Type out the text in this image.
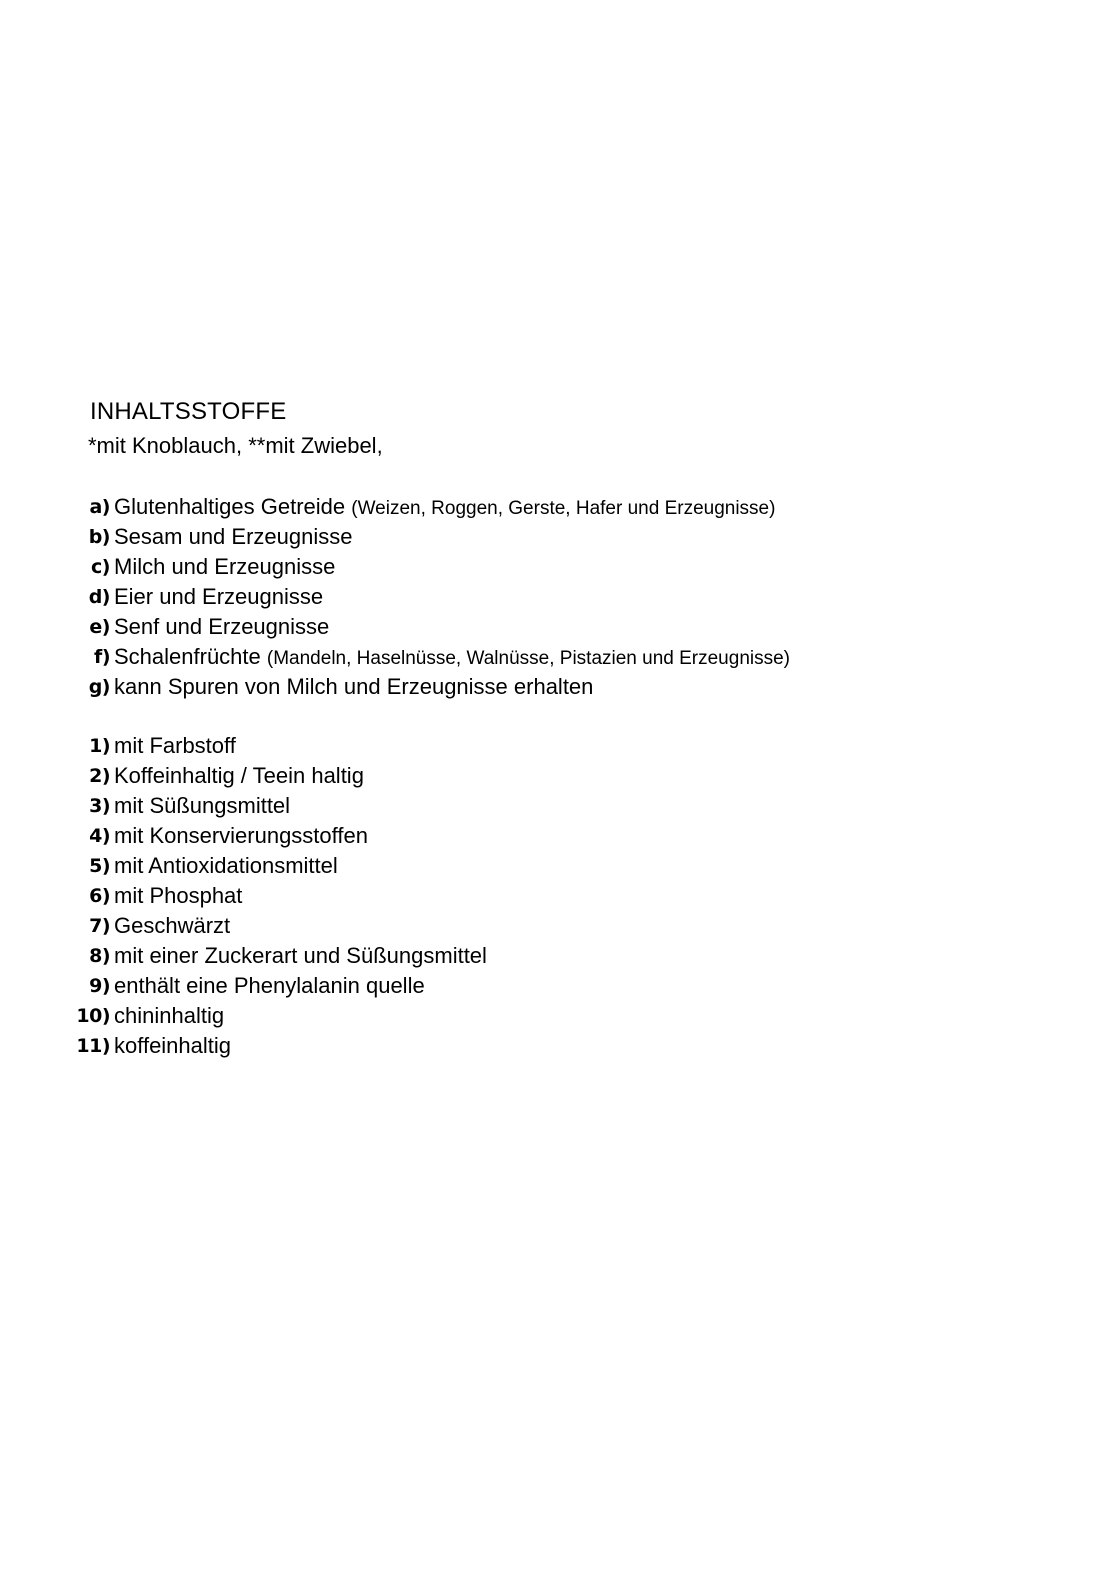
INHALTSSTOFFE
*mit Knoblauch, **mit Zwiebel,
a) Glutenhaltiges Getreide (Weizen, Roggen, Gerste, Hafer und Erzeugnisse)
b) Sesam und Erzeugnisse
c) Milch und Erzeugnisse
d) Eier und Erzeugnisse
e) Senf und Erzeugnisse
f) Schalenfrüchte (Mandeln, Haselnüsse, Walnüsse, Pistazien und Erzeugnisse)
g) kann Spuren von Milch und Erzeugnisse erhalten
1) mit Farbstoff
2) Koffeinhaltig / Teein haltig
3) mit Süßungsmittel
4) mit Konservierungsstoffen
5) mit Antioxidationsmittel
6) mit Phosphat
7) Geschwärzt
8) mit einer Zuckerart und Süßungsmittel
9) enthält eine Phenylalanin quelle
10) chininhaltig
11) koffeinhaltig
